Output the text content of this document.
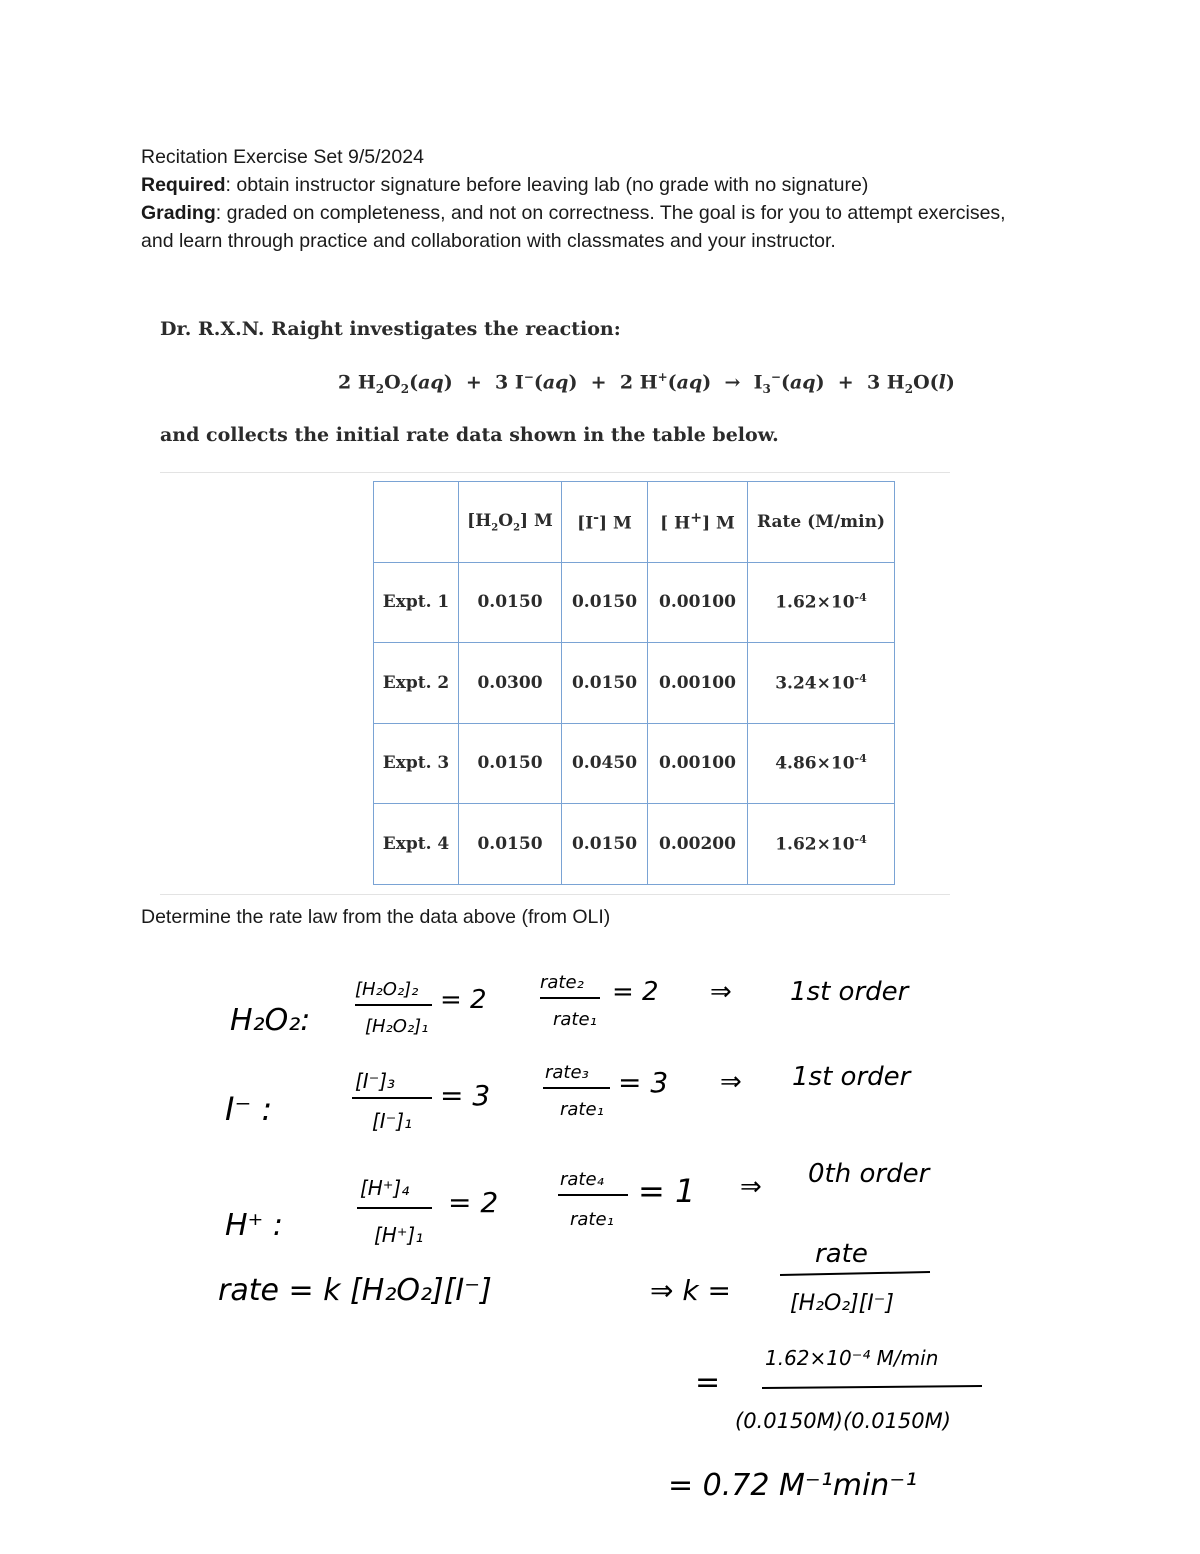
Recitation Exercise Set 9/5/2024

Required: obtain instructor signature before leaving lab (no grade with no signature)

Grading: graded on completeness, and not on correctness. The goal is for you to attempt exercises, and learn through practice and collaboration with classmates and your instructor.

Dr. R.X.N. Raight investigates the reaction:
2 $H_2O_2(aq) + 3$ I−(aq)  +  2 $H^+(aq) \to I_3^-(aq) + 3$ $H_2O(l)$
and collects the initial rate data shown in the table below.
	$[H_2O_2]$ M	[I-] M	[ H+] M	Rate (M/min)
Expt. 1	0.0150	0.0150	0.00100	$1.62\times 10^{-4}$
Expt. 2	0.0300	0.0150	0.00100	$3.24\times 10^{-4}$
Expt. 3	0.0150	0.0450	0.00100	$4.86\times 10^{-4}$
Expt. 4	0.0150	0.0150	0.00200	$1.62\times 10^{-4}$
Determine the rate law from the data above (from OLI)
H₂O₂:
[H₂O₂]₂
[H₂O₂]₁
= 2
rate₂
rate₁
= 2 ⇒ 1st order
I⁻ :
[I⁻]₃
[I⁻]₁
= 3
rate₃
rate₁
= 3 ⇒ 1st order
H⁺ :
[H⁺]₄
[H⁺]₁
= 2
rate₄
rate₁
= 1 ⇒ 0th order
rate = k [H₂O₂][I⁻]	⇒ k =
rate
[H₂O₂][I⁻]
=
1.62×10⁻⁴ M/min
(0.0150M)(0.0150M)
= 0.72 M⁻¹min⁻¹
